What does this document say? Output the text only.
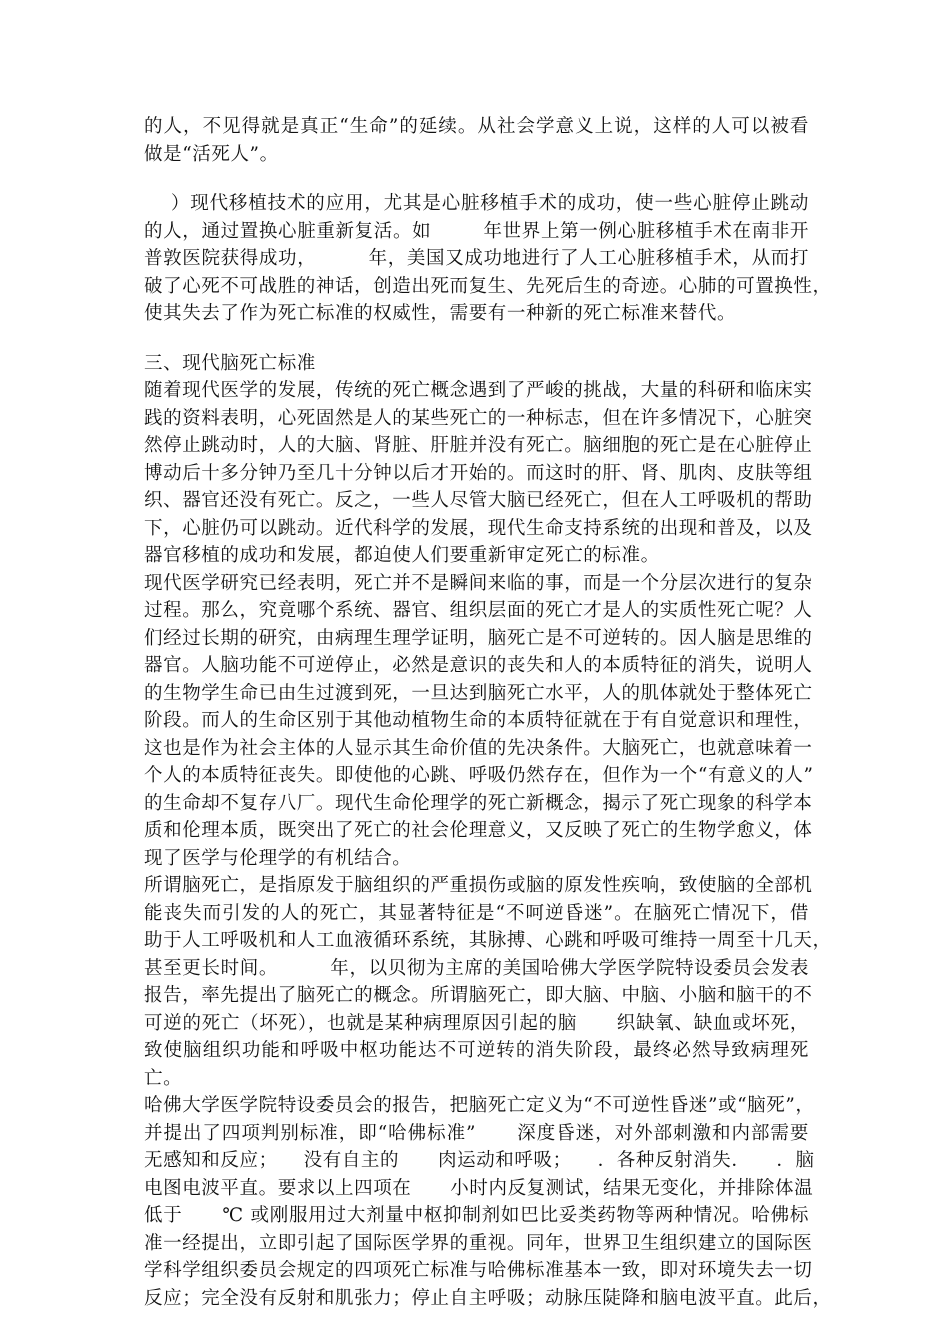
的人，不见得就是真正“生命”的延续。从社会学意义上说，这样的人可以被看
做是“活死人”。
）现代移植技术的应用，尤其是心脏移植手术的成功，使一些心脏停止跳动
的人，通过置换心脏重新复活。如        年世界上第一例心脏移植手术在南非开
普敦医院获得成功，        年，美国又成功地进行了人工心脏移植手术，从而打
破了心死不可战胜的神话，创造出死而复生、先死后生的奇迹。心肺的可置换性，
使其失去了作为死亡标准的权威性，需要有一种新的死亡标准来替代。
三、现代脑死亡标准
随着现代医学的发展，传统的死亡概念遇到了严峻的挑战，大量的科研和临床实
践的资料表明，心死固然是人的某些死亡的一种标志，但在许多情况下，心脏突
然停止跳动时，人的大脑、肾脏、肝脏并没有死亡。脑细胞的死亡是在心脏停止
博动后十多分钟乃至几十分钟以后才开始的。而这时的肝、肾、肌肉、皮肤等组
织、器官还没有死亡。反之，一些人尽管大脑已经死亡，但在人工呼吸机的帮助
下，心脏仍可以跳动。近代科学的发展，现代生命支持系统的出现和普及，以及
器官移植的成功和发展，都迫使人们要重新审定死亡的标准。
现代医学研究已经表明，死亡并不是瞬间来临的事，而是一个分层次进行的复杂
过程。那么，究竟哪个系统、器官、组织层面的死亡才是人的实质性死亡呢？人
们经过长期的研究，由病理生理学证明，脑死亡是不可逆转的。因人脑是思维的
器官。人脑功能不可逆停止，必然是意识的丧失和人的本质特征的消失，说明人
的生物学生命已由生过渡到死，一旦达到脑死亡水平，人的肌体就处于整体死亡
阶段。而人的生命区别于其他动植物生命的本质特征就在于有自觉意识和理性，
这也是作为社会主体的人显示其生命价值的先决条件。大脑死亡，也就意味着一
个人的本质特征丧失。即使他的心跳、呼吸仍然存在，但作为一个“有意义的人”
的生命却不复存八厂。现代生命伦理学的死亡新概念，揭示了死亡现象的科学本
质和伦理本质，既突出了死亡的社会伦理意义，又反映了死亡的生物学愈义，体
现了医学与伦理学的有机结合。
所谓脑死亡，是指原发于脑组织的严重损伤或脑的原发性疾响，致使脑的全部机
能丧失而引发的人的死亡，其显著特征是“不呵逆昏迷”。在脑死亡情况下，借
助于人工呼吸机和人工血液循环系统，其脉搏、心跳和呼吸可维持一周至十几天，
甚至更长时间。        年，以贝彻为主席的美国哈佛大学医学院特设委员会发表
报告，率先提出了脑死亡的概念。所谓脑死亡，即大脑、中脑、小脑和脑干的不
可逆的死亡（坏死），也就是某种病理原因引起的脑      织缺氧、缺血或坏死，
致使脑组织功能和呼吸中枢功能达不可逆转的消失阶段，最终必然导致病理死
亡。
哈佛大学医学院特设委员会的报告，把脑死亡定义为“不可逆性昏迷”或“脑死”，
并提出了四项判别标准，即“哈佛标准”      深度昏迷，对外部刺激和内部需要
无感知和反应；    没有自主的      肉运动和呼吸；    ．各种反射消失．    ．脑
电图电波平直。要求以上四项在      小时内反复测试，结果无变化，并排除体温
低于      ℃ 或刚服用过大剂量中枢抑制剂如巴比妥类药物等两种情况。哈佛标
准一经提出，立即引起了国际医学界的重视。同年，世界卫生组织建立的国际医
学科学组织委员会规定的四项死亡标准与哈佛标准基本一致，即对环境失去一切
反应；完全没有反射和肌张力；停止自主呼吸；动脉压陡降和脑电波平直。此后，
